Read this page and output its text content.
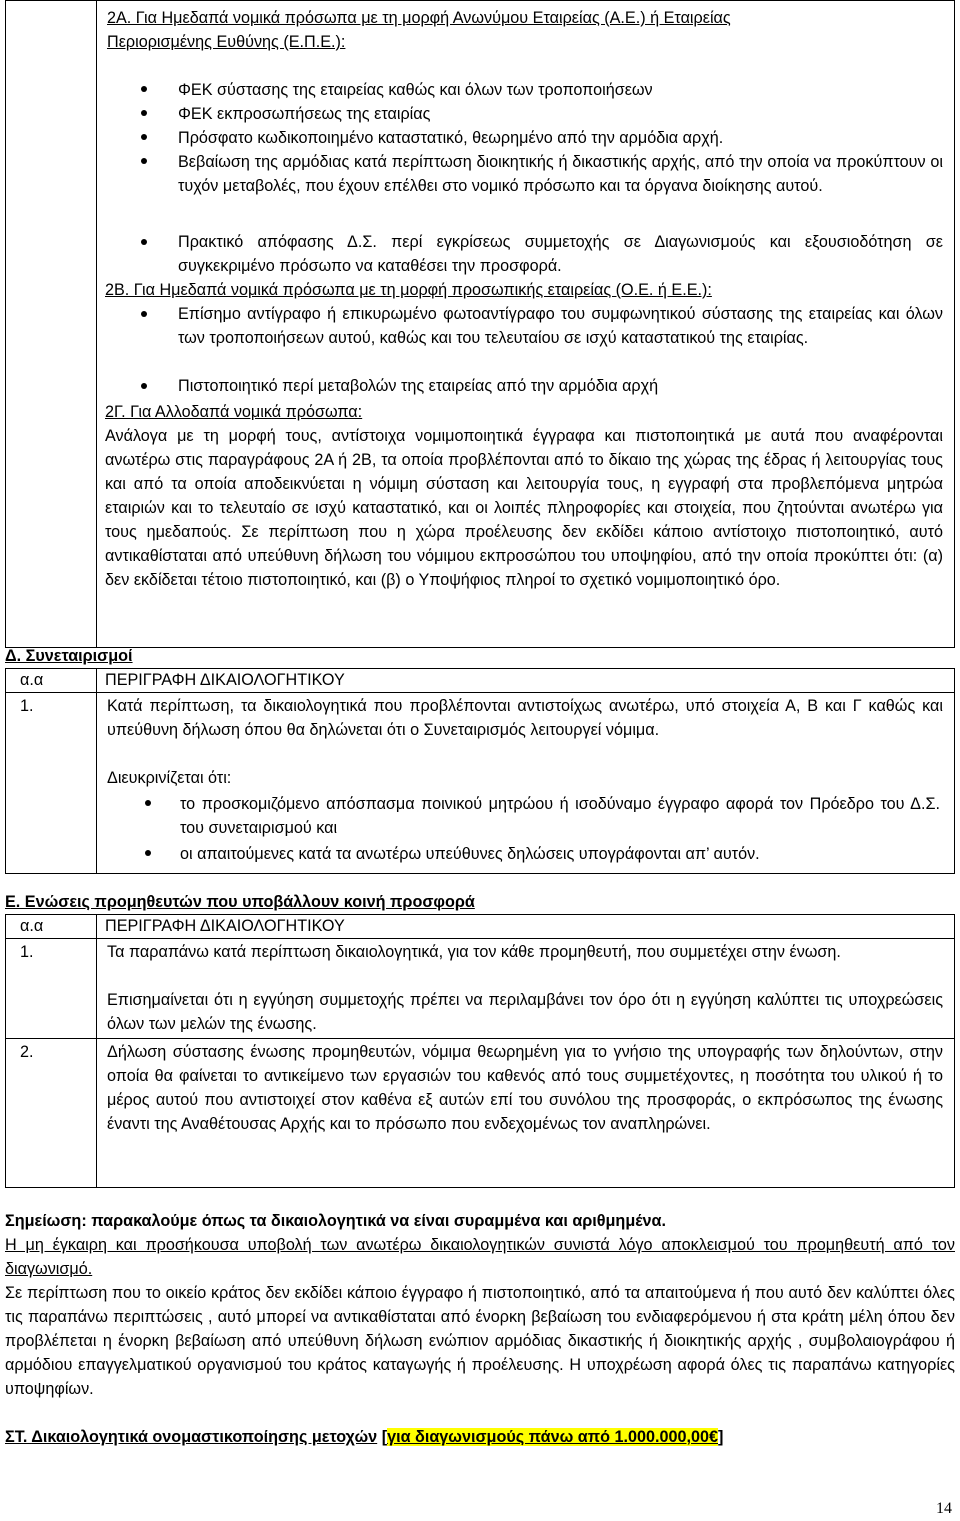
2Α. Για Ημεδαπά νομικά πρόσωπα με τη μορφή Ανωνύμου Εταιρείας (Α.Ε.) ή Εταιρείας
Περιορισμένης Ευθύνης (Ε.Π.Ε.):
ΦΕΚ σύστασης της εταιρείας καθώς και όλων των τροποποιήσεων
ΦΕΚ εκπροσωπήσεως της εταιρίας
Πρόσφατο κωδικοποιημένο καταστατικό, θεωρημένο από την αρμόδια αρχή.
Βεβαίωση της αρμόδιας κατά περίπτωση διοικητικής ή δικαστικής αρχής, από την οποία να προκύπτουν οι τυχόν μεταβολές, που έχουν επέλθει στο νομικό πρόσωπο και τα όργανα διοίκησης αυτού.
Πρακτικό απόφασης Δ.Σ. περί εγκρίσεως συμμετοχής σε Διαγωνισμούς και εξουσιοδότηση σε συγκεκριμένο πρόσωπο να καταθέσει την προσφορά.
2Β. Για Ημεδαπά νομικά πρόσωπα με τη μορφή προσωπικής εταιρείας (Ο.Ε. ή Ε.Ε.):
Επίσημο αντίγραφο ή επικυρωμένο φωτοαντίγραφο του συμφωνητικού σύστασης της εταιρείας και όλων των τροποποιήσεων αυτού, καθώς και του τελευταίου σε ισχύ καταστατικού της εταιρίας.
Πιστοποιητικό περί μεταβολών της εταιρείας από την αρμόδια αρχή
2Γ. Για Αλλοδαπά νομικά πρόσωπα:
Ανάλογα με τη μορφή τους, αντίστοιχα νομιμοποιητικά έγγραφα και πιστοποιητικά με αυτά που αναφέρονται ανωτέρω στις παραγράφους 2Α ή 2Β, τα οποία προβλέπονται από το δίκαιο της χώρας της έδρας ή λειτουργίας τους και από τα οποία αποδεικνύεται η νόμιμη σύσταση και λειτουργία τους, η εγγραφή στα προβλεπόμενα μητρώα εταιριών και το τελευταίο σε ισχύ καταστατικό, και οι λοιπές πληροφορίες και στοιχεία, που ζητούνται ανωτέρω για τους ημεδαπούς. Σε περίπτωση που η χώρα προέλευσης δεν εκδίδει κάποιο αντίστοιχο πιστοποιητικό, αυτό αντικαθίσταται από υπεύθυνη δήλωση του νόμιμου εκπροσώπου του υποψηφίου, από την οποία προκύπτει ότι: (α) δεν εκδίδεται τέτοιο πιστοποιητικό, και (β) ο Υποψήφιος πληροί το σχετικό νομιμοποιητικό όρο.
Δ. Συνεταιρισμοί
α.α	ΠΕΡΙΓΡΑΦΗ ΔΙΚΑΙΟΛΟΓΗΤΙΚΟΥ
1.	Κατά περίπτωση, τα δικαιολογητικά που προβλέπονται αντιστοίχως ανωτέρω, υπό στοιχεία Α, Β και Γ καθώς και υπεύθυνη δήλωση όπου θα δηλώνεται ότι ο Συνεταιρισμός λειτουργεί νόμιμα.
Διευκρινίζεται ότι:
το προσκομιζόμενο απόσπασμα ποινικού μητρώου ή ισοδύναμο έγγραφο αφορά τον Πρόεδρο του Δ.Σ. του συνεταιρισμού και
οι απαιτούμενες κατά τα ανωτέρω υπεύθυνες δηλώσεις υπογράφονται απ’ αυτόν.
Ε. Ενώσεις προμηθευτών που υποβάλλουν κοινή προσφορά
α.α	ΠΕΡΙΓΡΑΦΗ ΔΙΚΑΙΟΛΟΓΗΤΙΚΟΥ
1.	Τα παραπάνω κατά περίπτωση δικαιολογητικά, για τον κάθε προμηθευτή, που συμμετέχει στην ένωση.
Επισημαίνεται ότι η εγγύηση συμμετοχής πρέπει να περιλαμβάνει τον όρο ότι η εγγύηση καλύπτει τις υποχρεώσεις όλων των μελών της ένωσης.
2.	Δήλωση σύστασης ένωσης προμηθευτών, νόμιμα θεωρημένη για το γνήσιο της υπογραφής των δηλούντων, στην οποία θα φαίνεται το αντικείμενο των εργασιών του καθενός από τους συμμετέχοντες, η ποσότητα του υλικού ή το μέρος αυτού που αντιστοιχεί στον καθένα εξ αυτών επί του συνόλου της προσφοράς, ο εκπρόσωπος της ένωσης έναντι της Αναθέτουσας Αρχής και το πρόσωπο που ενδεχομένως τον αναπληρώνει.
Σημείωση: παρακαλούμε όπως τα δικαιολογητικά να είναι συραμμένα και αριθμημένα.
Η μη έγκαιρη και προσήκουσα υποβολή των ανωτέρω δικαιολογητικών συνιστά λόγο αποκλεισμού του προμηθευτή από τον διαγωνισμό.
Σε περίπτωση που το οικείο κράτος δεν εκδίδει κάποιο έγγραφο ή πιστοποιητικό, από τα απαιτούμενα ή που αυτό δεν καλύπτει όλες τις παραπάνω περιπτώσεις , αυτό μπορεί να αντικαθίσταται από ένορκη βεβαίωση του ενδιαφερόμενου ή στα κράτη μέλη όπου δεν προβλέπεται η ένορκη βεβαίωση από υπεύθυνη δήλωση ενώπιον αρμόδιας δικαστικής ή διοικητικής αρχής , συμβολαιογράφου ή αρμόδιου επαγγελματικού οργανισμού του κράτος καταγωγής ή προέλευσης. Η υποχρέωση αφορά όλες τις παραπάνω κατηγορίες υποψηφίων.
ΣΤ. Δικαιολογητικά ονομαστικοποίησης μετοχών [για διαγωνισμούς πάνω από 1.000.000,00€]
14
